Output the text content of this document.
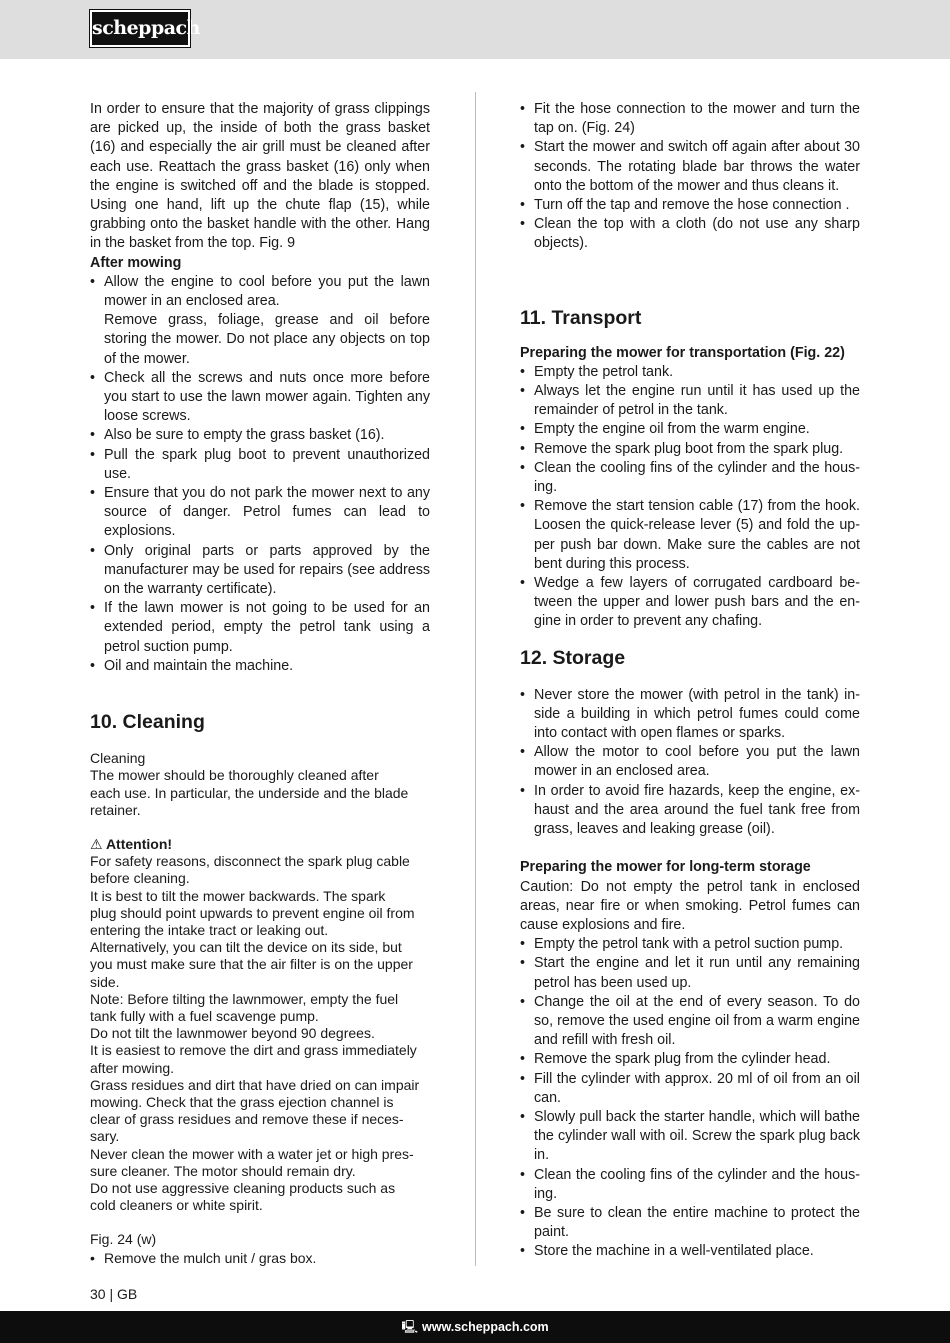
scheppach

In order to ensure that the majority of grass clippings are picked up, the inside of both the grass basket (16) and especially the air grill must be cleaned after each use. Reattach the grass basket (16) only when the engine is switched off and the blade is stopped. Using one hand, lift up the chute flap (15), while grabbing onto the basket handle with the other. Hang in the basket from the top. Fig. 9

After mowing

• Allow the engine to cool before you put the lawn mower in an enclosed area.
Remove grass, foliage, grease and oil before storing the mower. Do not place any objects on top of the mower.
• Check all the screws and nuts once more before you start to use the lawn mower again. Tighten any loose screws.
• Also be sure to empty the grass basket (16).
• Pull the spark plug boot to prevent unauthorized use.
• Ensure that you do not park the mower next to any source of danger. Petrol fumes can lead to explosions.
• Only original parts or parts approved by the manufacturer may be used for repairs (see address on the warranty certificate).
• If the lawn mower is not going to be used for an extended period, empty the petrol tank using a petrol suction pump.
• Oil and maintain the machine.
10. Cleaning
Cleaning
The mower should be thoroughly cleaned after
each use. In particular, the underside and the blade
retainer.
⚠ Attention!
For safety reasons, disconnect the spark plug cable
before cleaning.
It is best to tilt the mower backwards. The spark
plug should point upwards to prevent engine oil from
entering the intake tract or leaking out.
Alternatively, you can tilt the device on its side, but
you must make sure that the air filter is on the upper
side.
Note: Before tilting the lawnmower, empty the fuel
tank fully with a fuel scavenge pump.
Do not tilt the lawnmower beyond 90 degrees.
It is easiest to remove the dirt and grass immediately
after mowing.
Grass residues and dirt that have dried on can impair
mowing. Check that the grass ejection channel is
clear of grass residues and remove these if neces-
sary.
Never clean the mower with a water jet or high pres-
sure cleaner. The motor should remain dry.
Do not use aggressive cleaning products such as
cold cleaners or white spirit.
Fig. 24 (w)
• Remove the mulch unit / gras box.
• Fit the hose connection to the mower and turn the tap on. (Fig. 24)
• Start the mower and switch off again after about 30 seconds. The rotating blade bar throws the water onto the bottom of the mower and thus cleans it.
• Turn off the tap and remove the hose connection .
• Clean the top with a cloth (do not use any sharp objects).
11. Transport

Preparing the mower for transportation (Fig. 22)

• Empty the petrol tank.
• Always let the engine run until it has used up the remainder of petrol in the tank.
• Empty the engine oil from the warm engine.
• Remove the spark plug boot from the spark plug.
• Clean the cooling fins of the cylinder and the hous-ing.
• Remove the start tension cable (17) from the hook. Loosen the quick-release lever (5) and fold the up-per push bar down. Make sure the cables are not bent during this process.
• Wedge a few layers of corrugated cardboard be-tween the upper and lower push bars and the en-gine in order to prevent any chafing.
12. Storage
• Never store the mower (with petrol in the tank) in-side a building in which petrol fumes could come into contact with open flames or sparks.
• Allow the motor to cool before you put the lawn mower in an enclosed area.
• In order to avoid fire hazards, keep the engine, ex-haust and the area around the fuel tank free from grass, leaves and leaking grease (oil).

Preparing the mower for long-term storage

Caution: Do not empty the petrol tank in enclosed areas, near fire or when smoking. Petrol fumes can cause explosions and fire.

• Empty the petrol tank with a petrol suction pump.
• Start the engine and let it run until any remaining petrol has been used up.
• Change the oil at the end of every season. To do so, remove the used engine oil from a warm engine and refill with fresh oil.
• Remove the spark plug from the cylinder head.
• Fill the cylinder with approx. 20 ml of oil from an oil can.
• Slowly pull back the starter handle, which will bathe the cylinder wall with oil. Screw the spark plug back in.
• Clean the cooling fins of the cylinder and the hous-ing.
• Be sure to clean the entire machine to protect the paint.
• Store the machine in a well-ventilated place.
30 | GB
🖳 www.scheppach.com
